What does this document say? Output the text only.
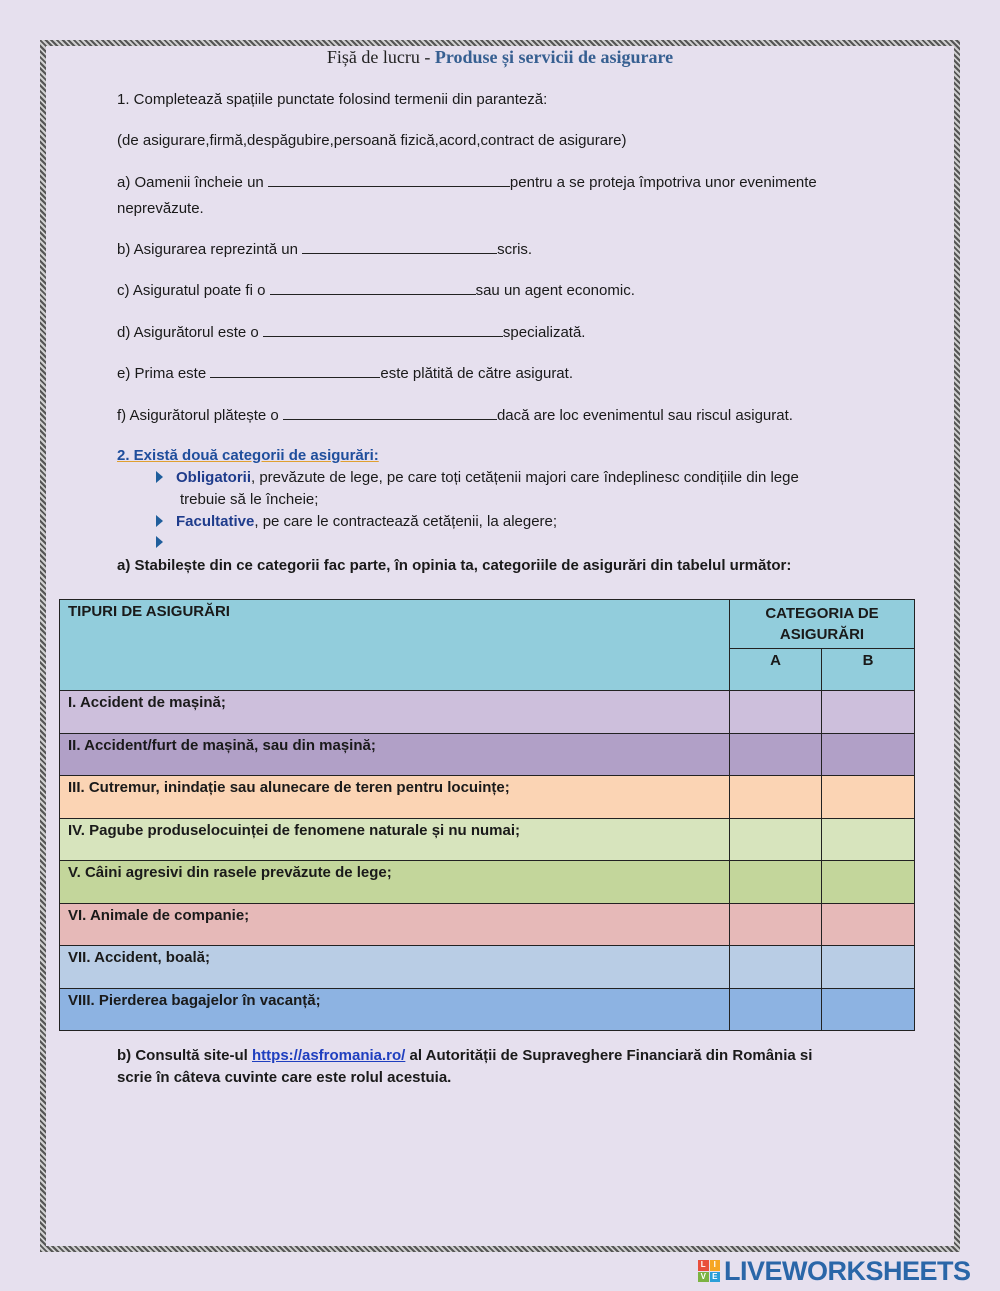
Fișă de lucru - Produse și servicii de asigurare
1. Completează spațiile punctate folosind termenii din paranteză:
(de asigurare,firmă,despăgubire,persoană fizică,acord,contract de asigurare)
a) Oamenii încheie un	pentru a se proteja împotriva unor evenimente
neprevăzute.
b) Asigurarea reprezintă un	scris.
c) Asiguratul poate fi o	sau un agent economic.
d) Asigurătorul este o	specializată.
e) Prima este	este plătită de către asigurat.
f) Asigurătorul plătește o	dacă are loc evenimentul sau riscul asigurat.
2. Există două categorii de asigurări:
Obligatorii, prevăzute de lege, pe care toți cetățenii majori care îndeplinesc condițiile din lege
trebuie să le încheie;
Facultative, pe care le contractează cetățenii, la alegere;
a) Stabilește din ce categorii fac parte, în opinia ta, categoriile de asigurări din tabelul următor:
TIPURI DE ASIGURĂRI	CATEGORIA DE ASIGURĂRI	
	A	B
I. Accident de mașină;		
II. Accident/furt de mașină, sau din mașină;		
III. Cutremur, inindație sau alunecare de teren pentru locuințe;		
IV. Pagube produselocuinței de fenomene naturale și nu numai;		
V. Câini agresivi din rasele prevăzute de lege;		
VI. Animale de companie;		
VII. Accident, boală;		
VIII. Pierderea bagajelor în vacanță;		
b) Consultă site-ul https://asfromania.ro/ al Autorității de Supraveghere Financiară din România si
scrie în câteva cuvinte care este rolul acestuia.
L I
V E LIVEWORKSHEETS
